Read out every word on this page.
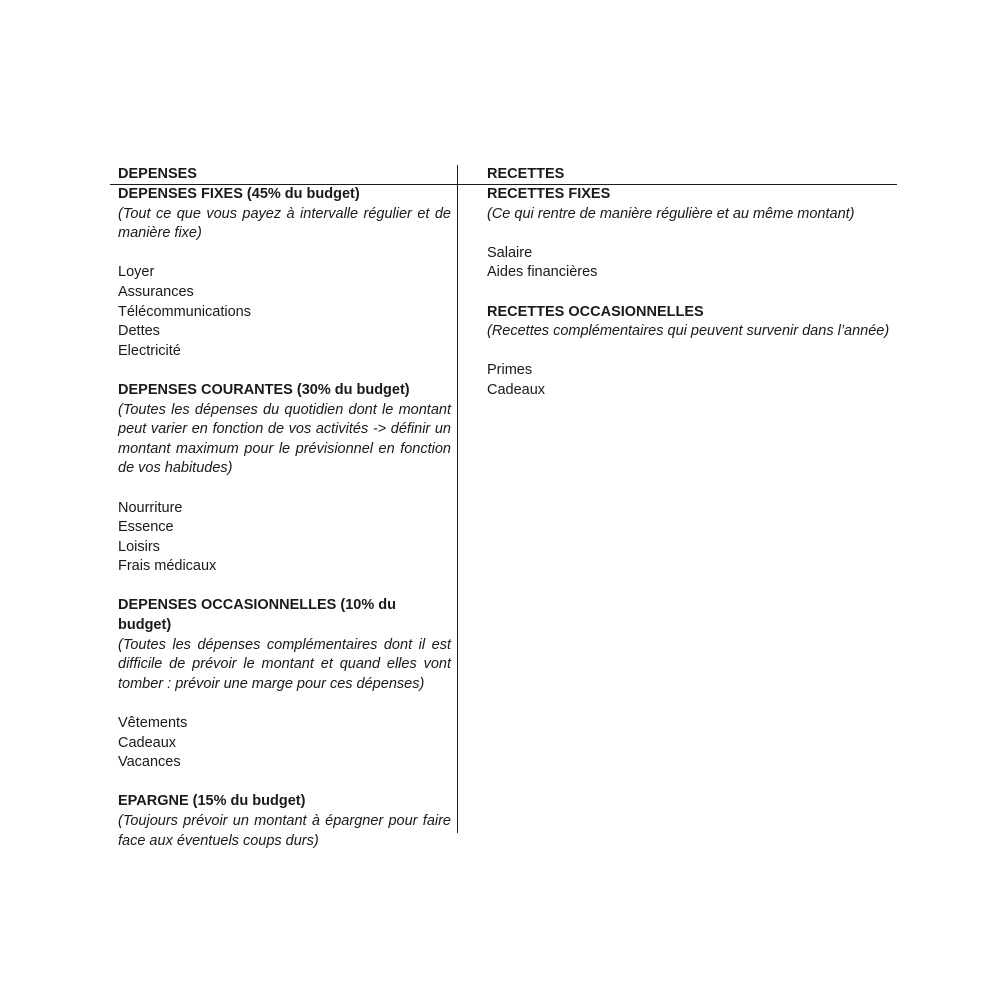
DEPENSES

DEPENSES FIXES (45% du budget)

(Tout ce que vous payez à intervalle régulier et de manière fixe)

Loyer

Assurances

Télécommunications

Dettes

Electricité

DEPENSES COURANTES (30% du budget)

(Toutes les dépenses du quotidien dont le montant peut varier en fonction de vos activités -> définir un montant maximum pour le prévisionnel en fonction de vos habitudes)

Nourriture

Essence

Loisirs

Frais médicaux

DEPENSES OCCASIONNELLES (10% du budget)

(Toutes les dépenses complémentaires dont il est difficile de prévoir le montant et quand elles vont tomber : prévoir une marge pour ces dépenses)

Vêtements

Cadeaux

Vacances

EPARGNE (15% du budget)

(Toujours prévoir un montant à épargner pour faire face aux éventuels coups durs)

RECETTES

RECETTES FIXES

(Ce qui rentre de manière régulière et au même montant)

Salaire

Aides financières

RECETTES OCCASIONNELLES

(Recettes complémentaires qui peuvent survenir dans l’année)

Primes

Cadeaux
